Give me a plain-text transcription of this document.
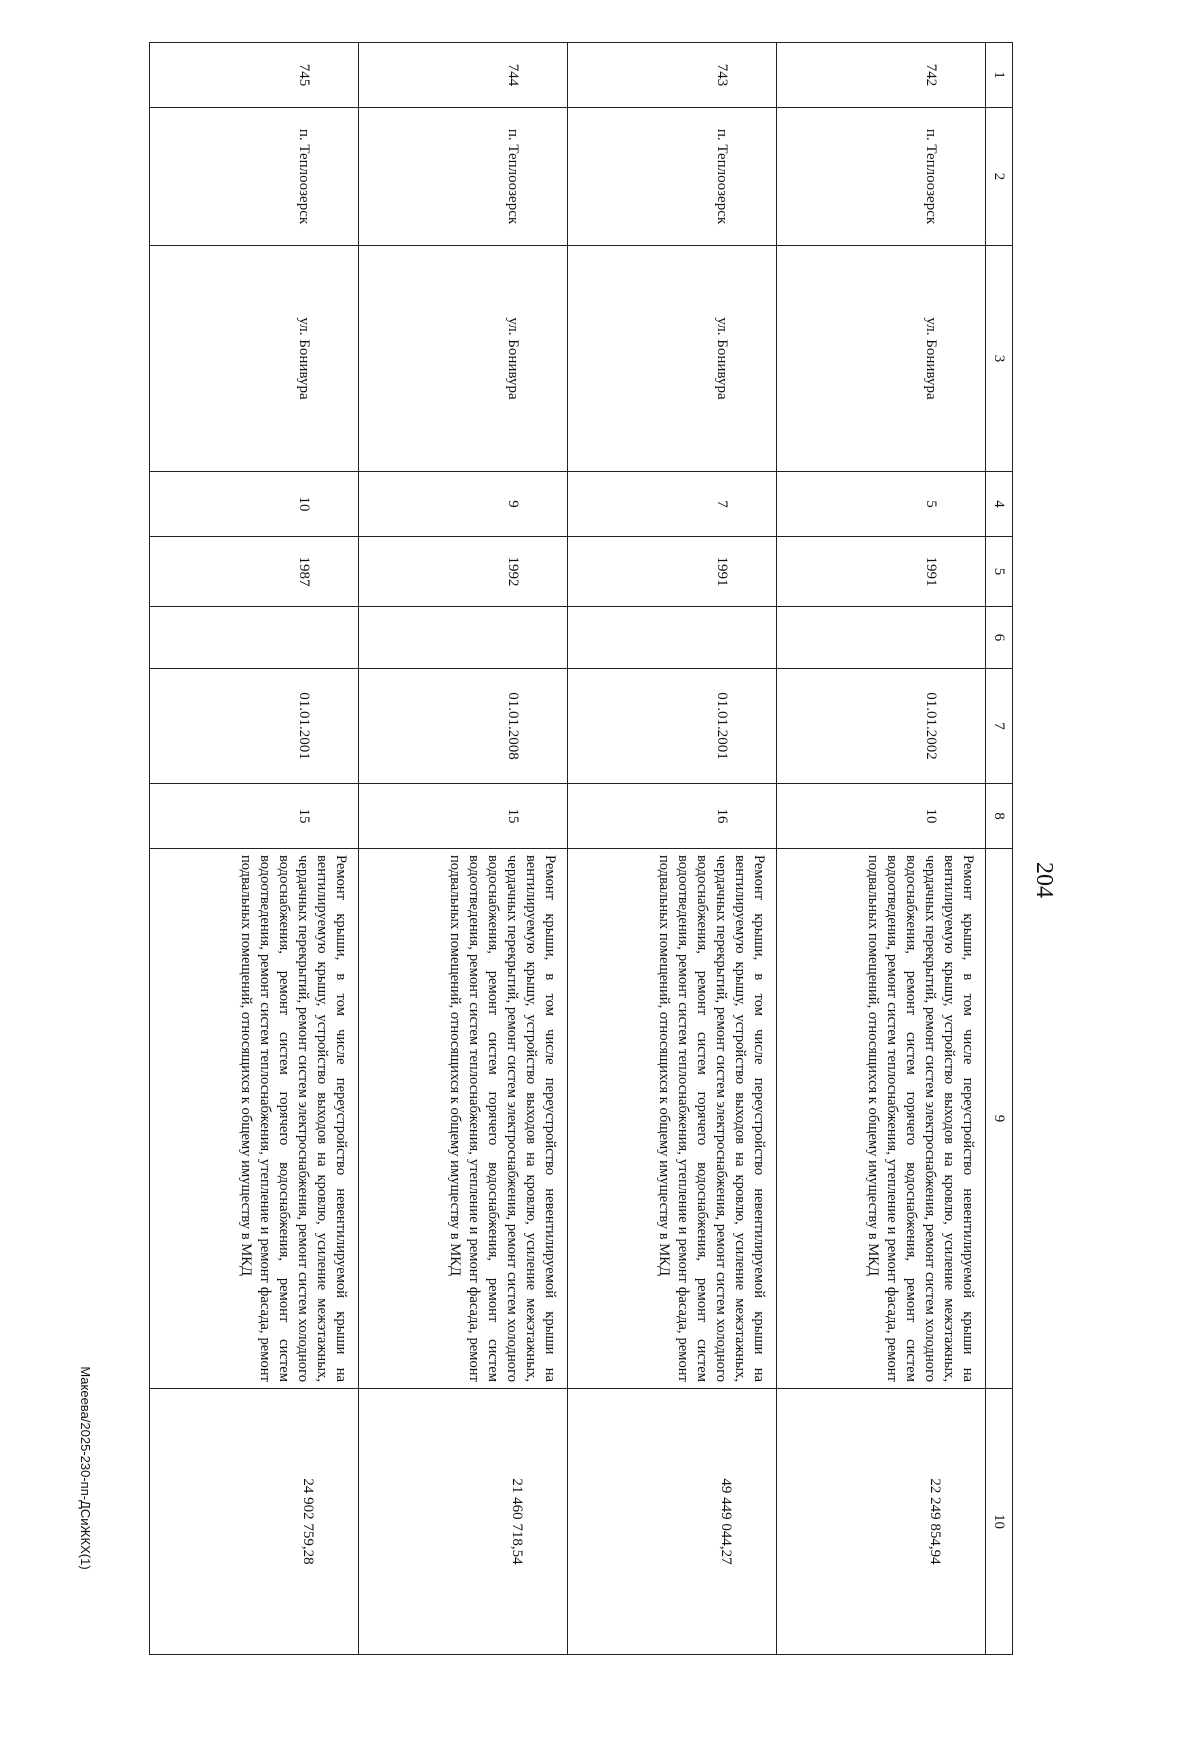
204
1	2	3	4	5	6	7	8	9	10

742	п. Теплоозерск	ул. Бонивура	5	1991		01.01.2002	10	Ремонт крыши, в том числе переустройство невентилируемой крыши на вентилируемую крышу, устройство выходов на кровлю, усиление межэтажных, чердачных перекрытий, ремонт систем электроснабжения, ремонт систем холодного водоснабжения, ремонт систем горячего водоснабжения, ремонт систем водоотведения, ремонт систем теплоснабжения, утепление и ремонт фасада, ремонт подвальных помещений, относящихся к общему имуществу в МКД	22 249 854,94

743	п. Теплоозерск	ул. Бонивура	7	1991		01.01.2001	16	Ремонт крыши, в том числе переустройство невентилируемой крыши на вентилируемую крышу, устройство выходов на кровлю, усиление межэтажных, чердачных перекрытий, ремонт систем электроснабжения, ремонт систем холодного водоснабжения, ремонт систем горячего водоснабжения, ремонт систем водоотведения, ремонт систем теплоснабжения, утепление и ремонт фасада, ремонт подвальных помещений, относящихся к общему имуществу в МКД	49 449 044,27

744	п. Теплоозерск	ул. Бонивура	9	1992		01.01.2008	15	Ремонт крыши, в том числе переустройство невентилируемой крыши на вентилируемую крышу, устройство выходов на кровлю, усиление межэтажных, чердачных перекрытий, ремонт систем электроснабжения, ремонт систем холодного водоснабжения, ремонт систем горячего водоснабжения, ремонт систем водоотведения, ремонт систем теплоснабжения, утепление и ремонт фасада, ремонт подвальных помещений, относящихся к общему имуществу в МКД	21 460 718,54

745	п. Теплоозерск	ул. Бонивура	10	1987		01.01.2001	15	Ремонт крыши, в том числе переустройство невентилируемой крыши на вентилируемую крышу, устройство выходов на кровлю, усиление межэтажных, чердачных перекрытий, ремонт систем электроснабжения, ремонт систем холодного водоснабжения, ремонт систем горячего водоснабжения, ремонт систем водоотведения, ремонт систем теплоснабжения, утепление и ремонт фасада, ремонт подвальных помещений, относящихся к общему имуществу в МКД	24 902 759,28
Макеева/2025-230-пп-ДСиЖКХ(1)
